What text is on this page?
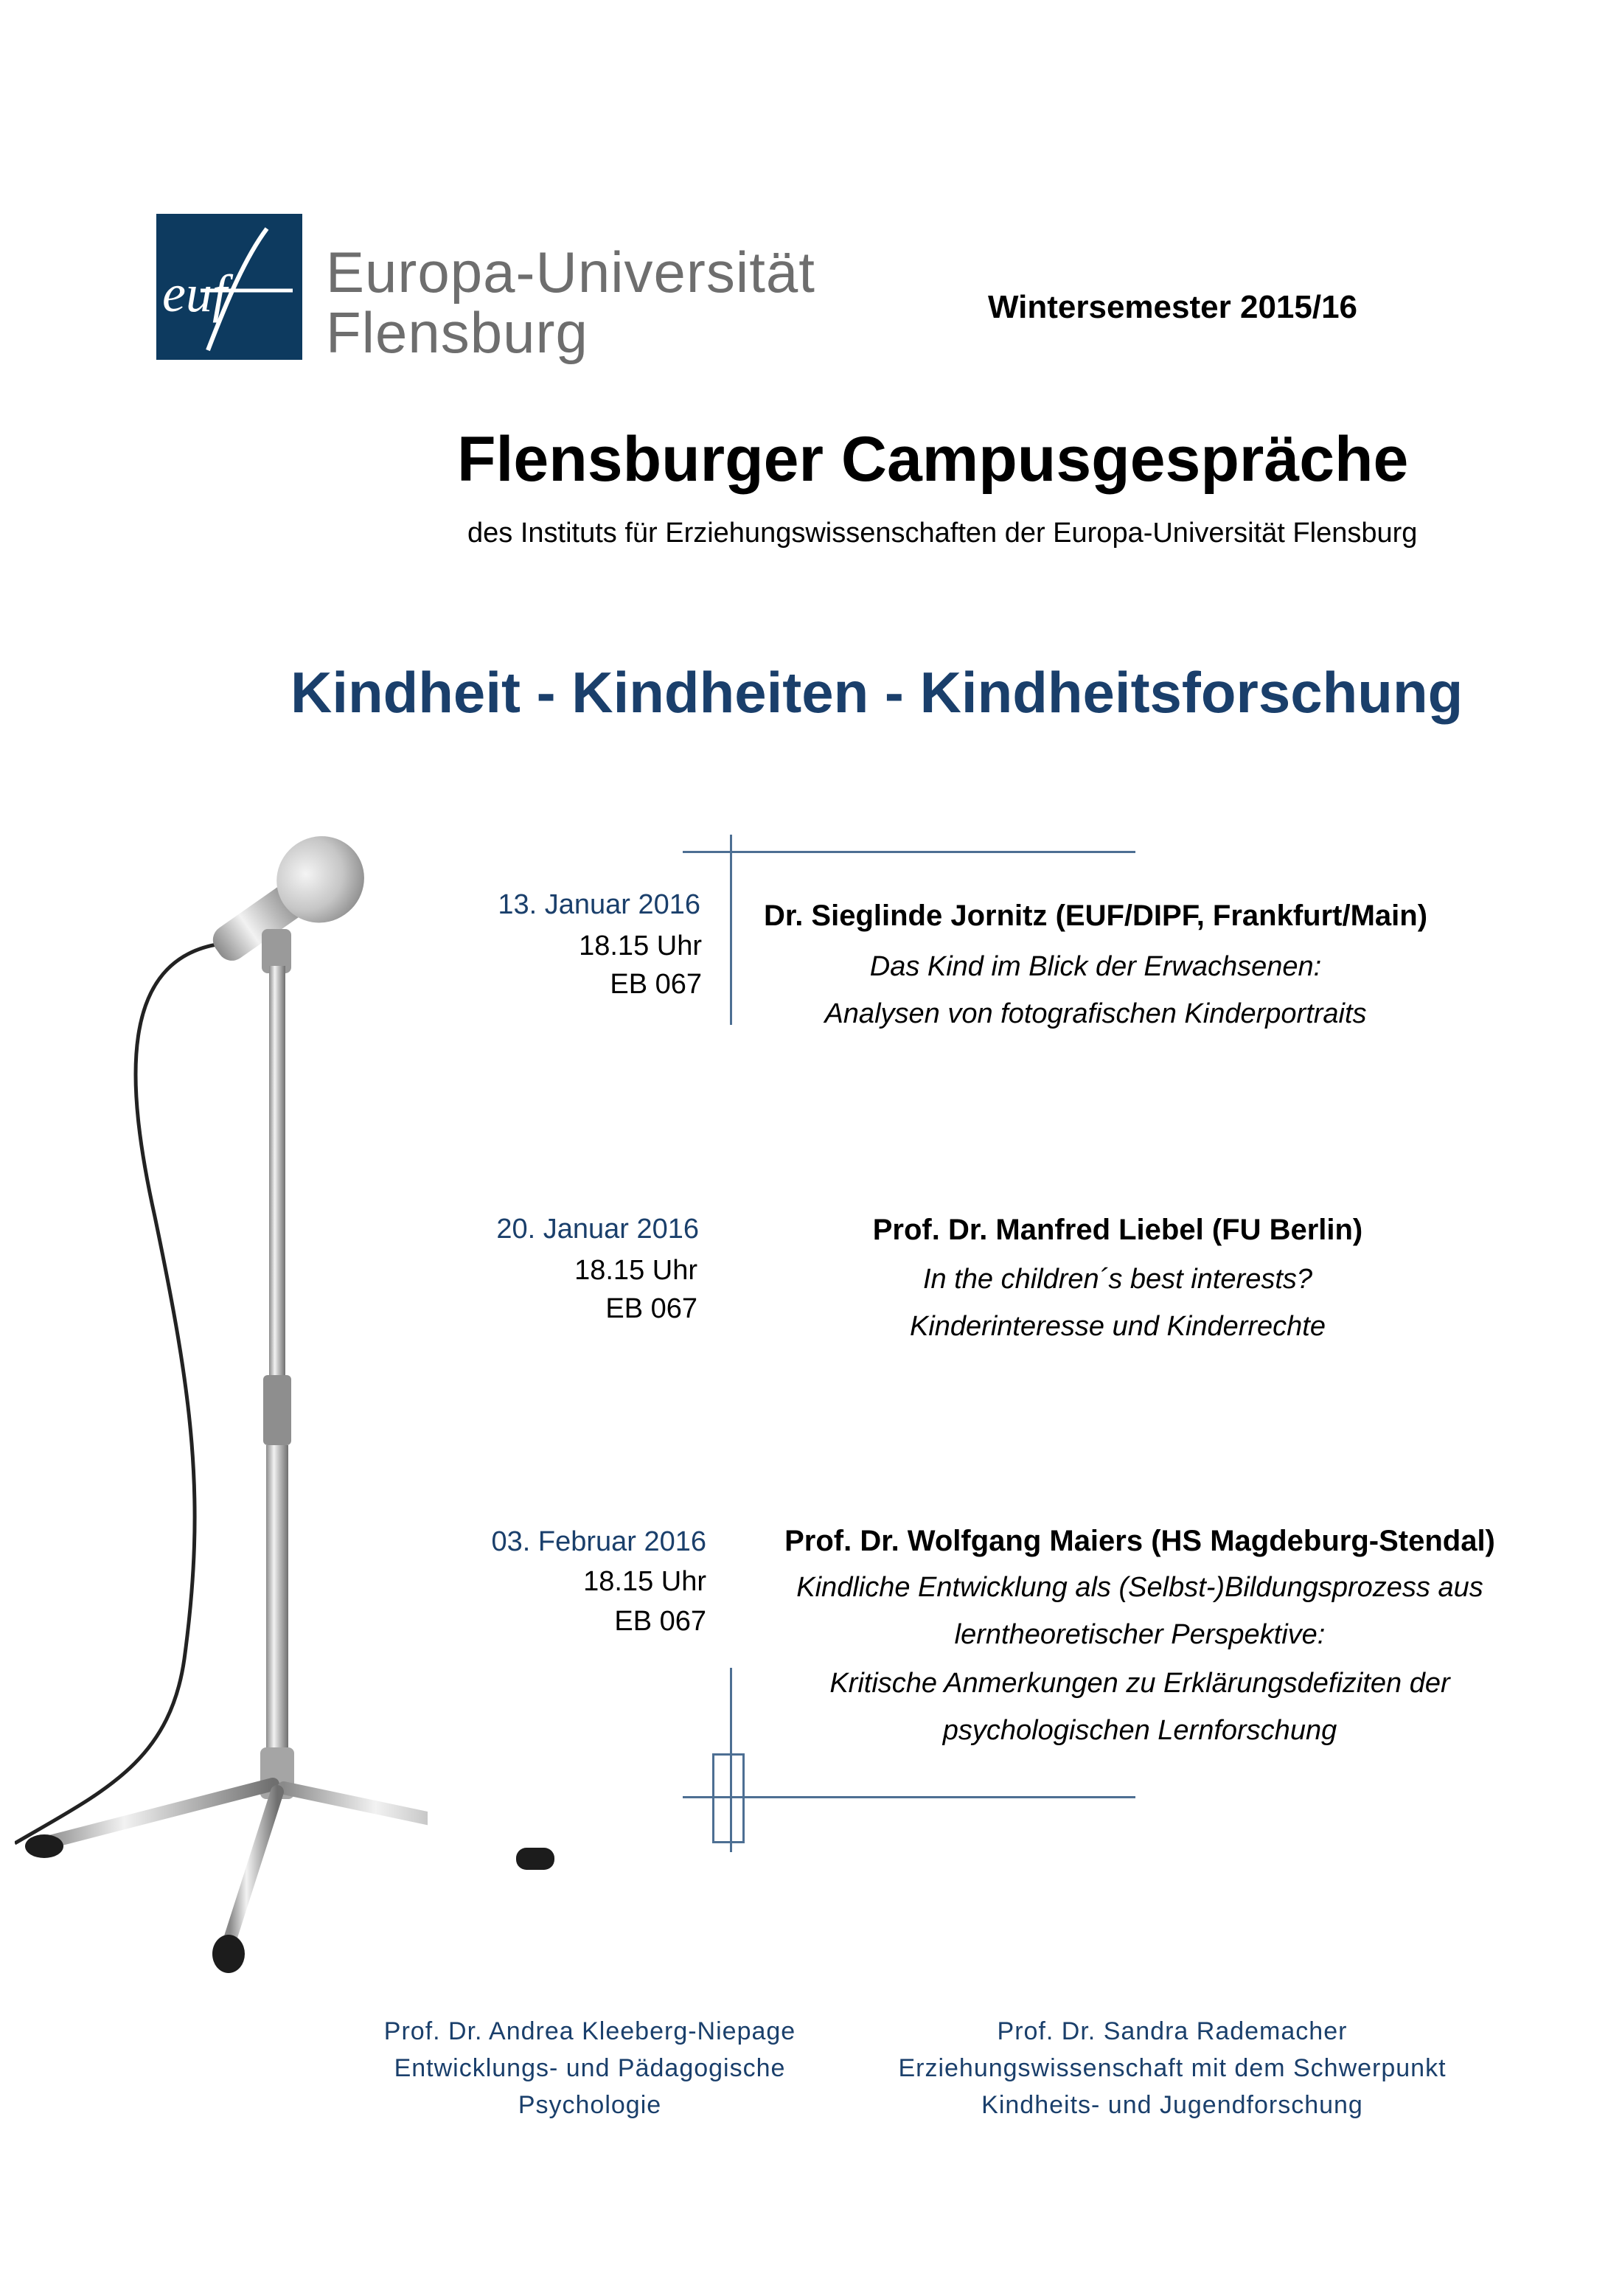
euf Europa-Universität
Flensburg	Wintersemester 2015/16
Flensburger Campusgespräche
des Instituts für Erziehungswissenschaften der Europa-Universität Flensburg
Kindheit - Kindheiten - Kindheitsforschung
13. Januar 2016
18.15 Uhr
EB 067
Dr. Sieglinde Jornitz (EUF/DIPF, Frankfurt/Main)
Das Kind im Blick der Erwachsenen:
Analysen von fotografischen Kinderportraits
20. Januar 2016
18.15 Uhr
EB 067
Prof. Dr. Manfred Liebel (FU Berlin)
In the children´s best interests?
Kinderinteresse und Kinderrechte
03. Februar 2016
18.15 Uhr
EB 067
Prof. Dr. Wolfgang Maiers (HS Magdeburg-Stendal)
Kindliche Entwicklung als (Selbst-)Bildungsprozess aus
lerntheoretischer Perspektive:
Kritische Anmerkungen zu Erklärungsdefiziten der
psychologischen Lernforschung
Prof. Dr. Andrea Kleeberg-Niepage
Entwicklungs- und Pädagogische
Psychologie
Prof. Dr. Sandra Rademacher
Erziehungswissenschaft mit dem Schwerpunkt
Kindheits- und Jugendforschung
